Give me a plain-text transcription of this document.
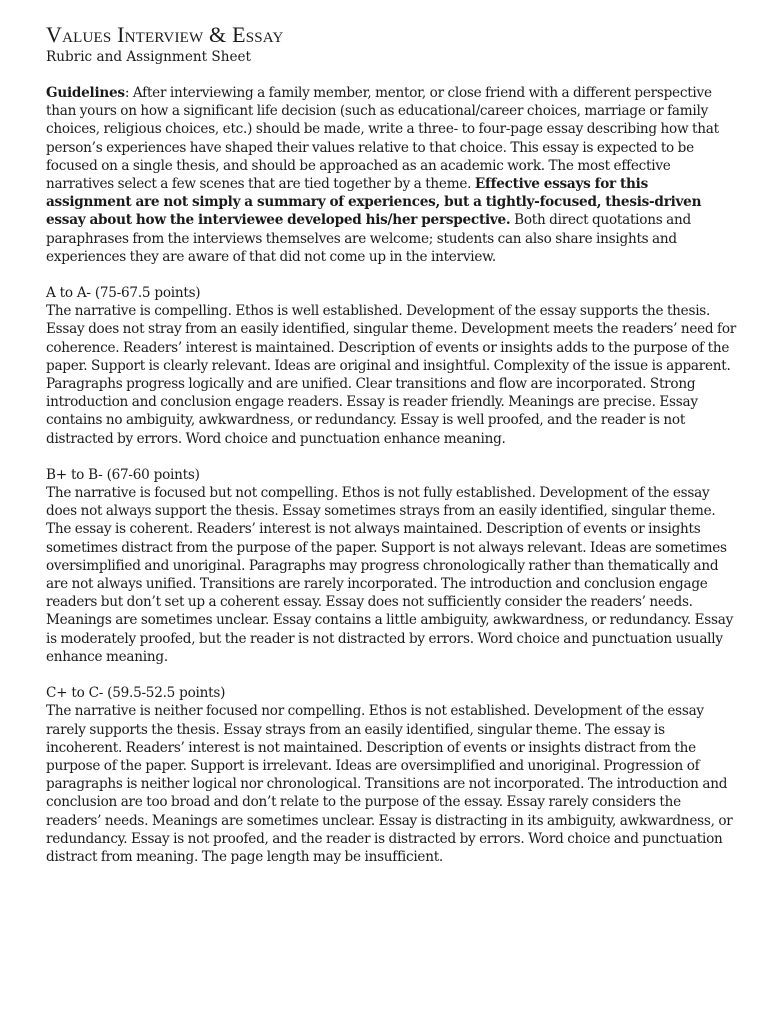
Values Interview & Essay
Rubric and Assignment Sheet

Guidelines: After interviewing a family member, mentor, or close friend with a different perspective than yours on how a significant life decision (such as educational/career choices, marriage or family choices, religious choices, etc.) should be made, write a three- to four-page essay describing how that person’s experiences have shaped their values relative to that choice. This essay is expected to be focused on a single thesis, and should be approached as an academic work. The most effective narratives select a few scenes that are tied together by a theme. Effective essays for this assignment are not simply a summary of experiences, but a tightly-focused, thesis-driven essay about how the interviewee developed his/her perspective. Both direct quotations and paraphrases from the interviews themselves are welcome; students can also share insights and experiences they are aware of that did not come up in the interview.

A to A- (75-67.5 points)

The narrative is compelling. Ethos is well established. Development of the essay supports the thesis. Essay does not stray from an easily identified, singular theme. Development meets the readers’ need for coherence. Readers’ interest is maintained. Description of events or insights adds to the purpose of the paper. Support is clearly relevant. Ideas are original and insightful. Complexity of the issue is apparent. Paragraphs progress logically and are unified. Clear transitions and flow are incorporated. Strong introduction and conclusion engage readers. Essay is reader friendly. Meanings are precise. Essay contains no ambiguity, awkwardness, or redundancy. Essay is well proofed, and the reader is not distracted by errors. Word choice and punctuation enhance meaning.

B+ to B- (67-60 points)

The narrative is focused but not compelling. Ethos is not fully established. Development of the essay does not always support the thesis. Essay sometimes strays from an easily identified, singular theme. The essay is coherent. Readers’ interest is not always maintained. Description of events or insights sometimes distract from the purpose of the paper. Support is not always relevant. Ideas are sometimes oversimplified and unoriginal. Paragraphs may progress chronologically rather than thematically and are not always unified. Transitions are rarely incorporated. The introduction and conclusion engage readers but don’t set up a coherent essay. Essay does not sufficiently consider the readers’ needs. Meanings are sometimes unclear. Essay contains a little ambiguity, awkwardness, or redundancy. Essay is moderately proofed, but the reader is not distracted by errors. Word choice and punctuation usually enhance meaning.

C+ to C- (59.5-52.5 points)

The narrative is neither focused nor compelling. Ethos is not established. Development of the essay rarely supports the thesis. Essay strays from an easily identified, singular theme. The essay is incoherent. Readers’ interest is not maintained. Description of events or insights distract from the purpose of the paper. Support is irrelevant. Ideas are oversimplified and unoriginal. Progression of paragraphs is neither logical nor chronological. Transitions are not incorporated. The introduction and conclusion are too broad and don’t relate to the purpose of the essay. Essay rarely considers the readers’ needs. Meanings are sometimes unclear. Essay is distracting in its ambiguity, awkwardness, or redundancy. Essay is not proofed, and the reader is distracted by errors. Word choice and punctuation distract from meaning. The page length may be insufficient.
